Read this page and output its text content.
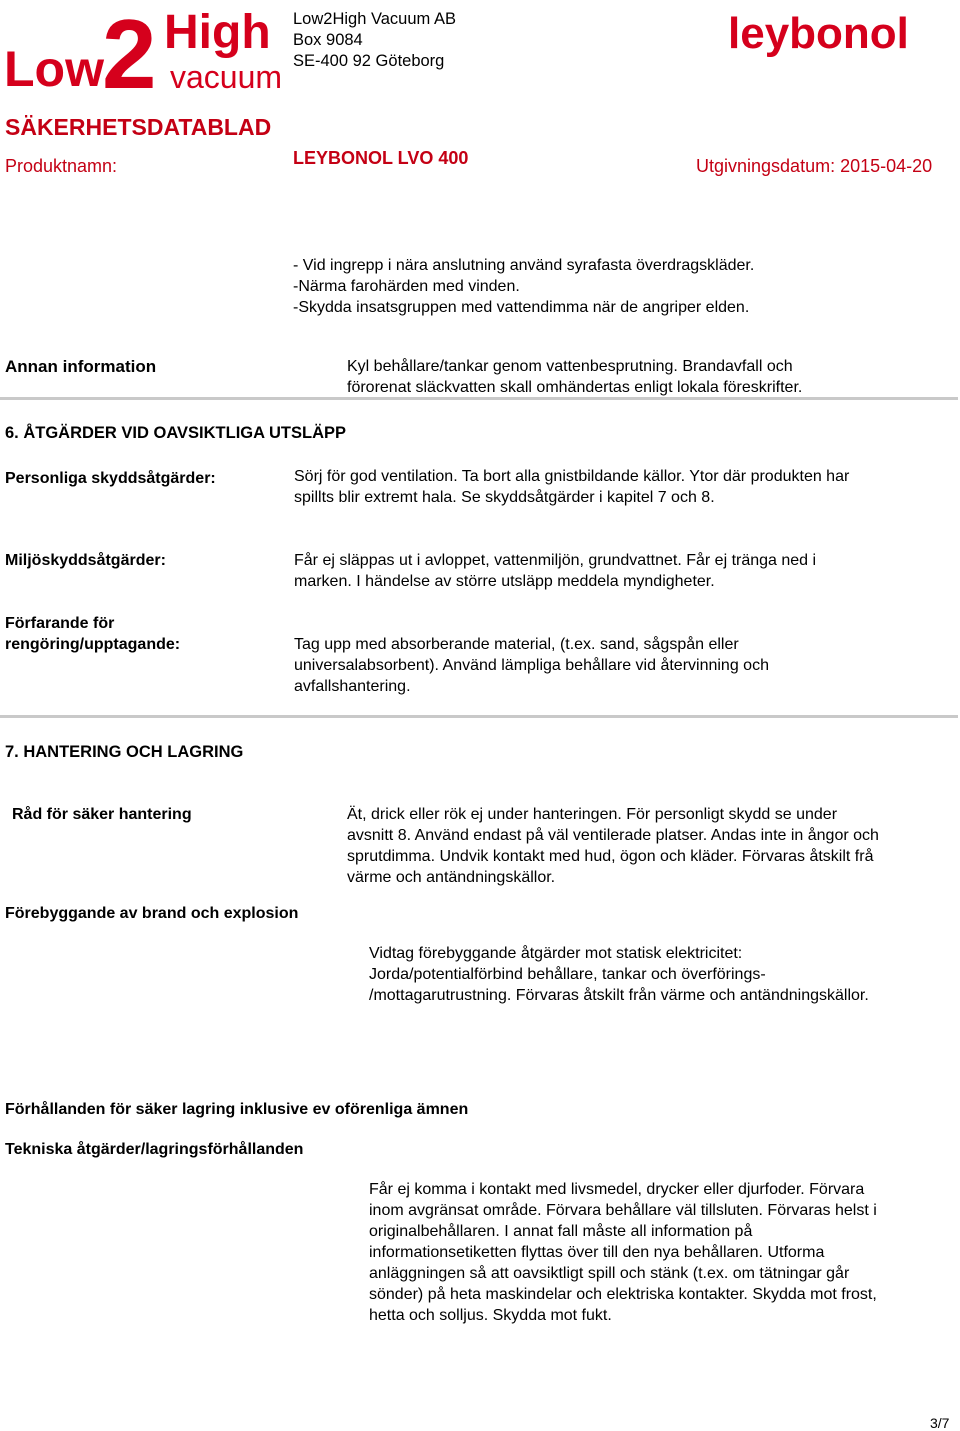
Low
2 High
vacuum
leybonol
Low2High Vacuum AB
Box 9084
SE-400 92 Göteborg
SÄKERHETSDATABLAD
Produktnamn:	LEYBONOL LVO 400	Utgivningsdatum: 2015-04-20
- Vid ingrepp i nära anslutning använd syrafasta överdragskläder.
-Närma farohärden med vinden.
-Skydda insatsgruppen med vattendimma när de angriper elden.
Annan information	Kyl behållare/tankar genom vattenbesprutning. Brandavfall och
förorenat släckvatten skall omhändertas enligt lokala föreskrifter.
6. ÅTGÄRDER VID OAVSIKTLIGA UTSLÄPP
Personliga skyddsåtgärder:	Sörj för god ventilation. Ta bort alla gnistbildande källor. Ytor där produkten har
spillts blir extremt hala. Se skyddsåtgärder i kapitel 7 och 8.
Miljöskyddsåtgärder:	Får ej släppas ut i avloppet, vattenmiljön, grundvattnet. Får ej tränga ned i
marken. I händelse av större utsläpp meddela myndigheter.
Förfarande för
rengöring/upptagande:	Tag upp med absorberande material, (t.ex. sand, sågspån eller
universalabsorbent). Använd lämpliga behållare vid återvinning och
avfallshantering.
7. HANTERING OCH LAGRING
Råd för säker hantering	Ät, drick eller rök ej under hanteringen. För personligt skydd se under
avsnitt 8. Använd endast på väl ventilerade platser. Andas inte in ångor och
sprutdimma. Undvik kontakt med hud, ögon och kläder. Förvaras åtskilt frå
värme och antändningskällor.
Förebyggande av brand och explosion
Vidtag förebyggande åtgärder mot statisk elektricitet:
Jorda/potentialförbind behållare, tankar och överförings-
/mottagarutrustning. Förvaras åtskilt från värme och antändningskällor.
Förhållanden för säker lagring inklusive ev oförenliga ämnen
Tekniska åtgärder/lagringsförhållanden
Får ej komma i kontakt med livsmedel, drycker eller djurfoder. Förvara
inom avgränsat område. Förvara behållare väl tillsluten. Förvaras helst i
originalbehållaren. I annat fall måste all information på
informationsetiketten flyttas över till den nya behållaren. Utforma
anläggningen så att oavsiktligt spill och stänk (t.ex. om tätningar går
sönder) på heta maskindelar och elektriska kontakter. Skydda mot frost,
hetta och solljus. Skydda mot fukt.
3/7
